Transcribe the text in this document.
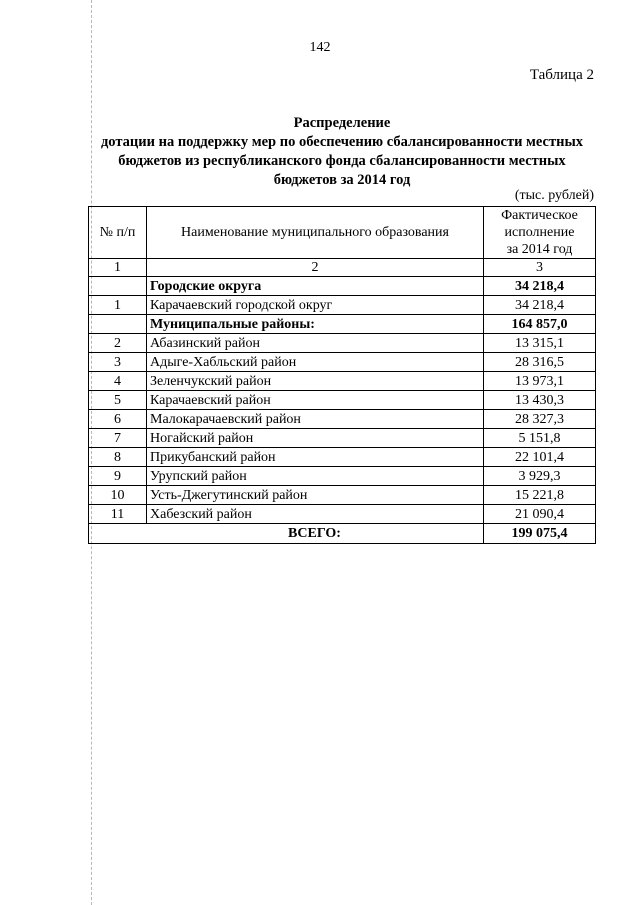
142
Таблица 2
Распределение
дотации на поддержку мер по обеспечению сбалансированности местных
бюджетов из республиканского фонда сбалансированности местных
бюджетов за 2014 год
(тыс. рублей)
№ п/п	Наименование муниципального образования	Фактическое
исполнение
за 2014 год

1	2	3
	Городские округа	34 218,4
1	Карачаевский городской округ	34 218,4
	Муниципальные районы:	164 857,0
2	Абазинский район	13 315,1
3	Адыге-Хабльский район	28 316,5
4	Зеленчукский район	13 973,1
5	Карачаевский район	13 430,3
6	Малокарачаевский район	28 327,3
7	Ногайский район	5 151,8
8	Прикубанский район	22 101,4
9	Урупский район	3 929,3
10	Усть-Джегутинский район	15 221,8
11	Хабезский район	21 090,4
ВСЕГО:		199 075,4
